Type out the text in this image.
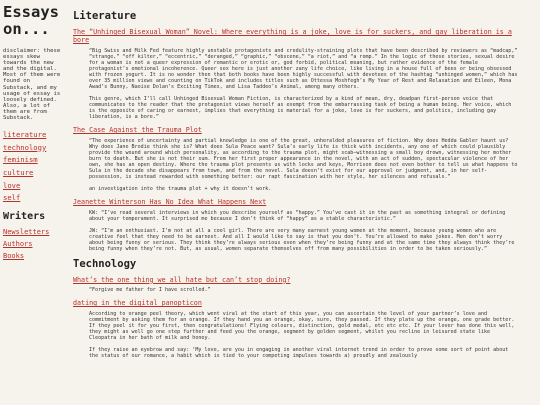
Essays on...

disclaimer: these essays skew towards the new and the digital. Most of them were found on Substack, and my usage of essay is loosely defined. Also, a lot of them are from Substack.

literature
technology
feminism
culture
love
self
Writers
Newsletters
Authors
Books
Literature
The “Unhinged Bisexual Woman” Novel: Where everything is a joke, love is for suckers, and gay liberation is a bore

“Big Swiss and Milk Fed feature highly unstable protagonists and credulity-straining plots that have been described by reviewers as “madcap,” “strange,” “off kilter,” “eccentric,” “deranged,” “graphic,” “obscene,” “a riot,” and “a romp.” In the logic of these stories, sexual desire for a woman is not a queer expression of romantic or erotic or, god forbid, political meaning, but rather evidence of the female protagonist’s emotional incoherence. Queer sex here is just another zany life choice, like living in a house full of bees or being obsessed with frozen yogurt. It is no wonder then that both books have been highly successful with devotees of the hashtag “unhinged women,” which has over 35 million views and counting on TikTok and includes titles such as Ottessa Moshfegh’s My Year of Rest and Relaxation and Eileen, Mona Awad’s Bunny, Naoise Dolan’s Exciting Times, and Lisa Taddeo’s Animal, among many others.

This genre, which I’ll call Unhinged Bisexual Woman Fiction, is characterized by a kind of mean, dry, deadpan first-person voice that communicates to the reader that the protagonist views herself as exempt from the embarrassing task of being a human being. Her voice, which is the opposite of caring or earnest, implies that everything is material for a joke, love is for suckers, and politics, including gay liberation, is a bore.”

The Case Against the Trauma Plot

“The experience of uncertainty and partial knowledge is one of the great, unheralded pleasures of fiction. Why does Hedda Gabler haunt us? Why does Jane Brodie think she is? What does Sula Peace want? Sula’s early life is thick with incidents, any one of which could plausibly provide the wound around which personality, as according to the trauma plot, might scab—witnessing a small boy drown, witnessing her mother burn to death. But she is not their sum. From her first proper appearance in the novel, with an act of sudden, spectacular violence of her own, she has an open destiny. Where the trauma plot presents us with locks and keys, Morrison does not even bother to tell us what happens to Sula in the decade she disappears from town, and from the novel. Sula doesn’t exist for our approval or judgment, and, in her self-possession, is instead rewarded with something better: our rapt fascination with her style, her silences and refusals.”

an investigation into the trauma plot + why it doesn’t work.

Jeanette Winterson Has No Idea What Happens Next

KW: “I’ve read several interviews in which you describe yourself as “happy.” You’ve cast it in the past as something integral or defining about your temperament. It surprised me because I don’t think of “happy” as a stable characteristic.”

JW: “I’m an enthusiast. I’m not at all a cool girl. There are very many earnest young women at the moment, because young women who are creative feel that they need to be earnest. And all I would like to say is that you don’t. You’re allowed to make jokes. Men don’t worry about being funny or serious. They think they’re always serious even when they’re being funny and at the same time they always think they’re being funny when they’re not. But, as usual, women separate themselves off from many possibilities in order to be taken seriously.”

Technology
What’s the one thing we all hate but can’t stop doing?

“Forgive me father for I have scrolled.”

dating in the digital panopticon

According to orange peel theory, which went viral at the start of this year, you can ascertain the level of your partner’s love and commitment by asking them for an orange. If they hand you an orange, okay, sure, they passed. If they plate up the orange, one grade better. If they peel it for you first, then congratulations! Flying colours, distinction, gold medal, etc etc etc. If your lover has done this well, they might as well go one step further and feed you the orange, segment by golden segment, whilst you recline in leisured state like Cleopatra in her bath of milk and honey.

If they raise an eyebrow and say: ‘My love, are you in engaging in another viral internet trend in order to prove some sort of point about the status of our romance, a habit which is tied to your competing impulses towards a) proudly and zealously
